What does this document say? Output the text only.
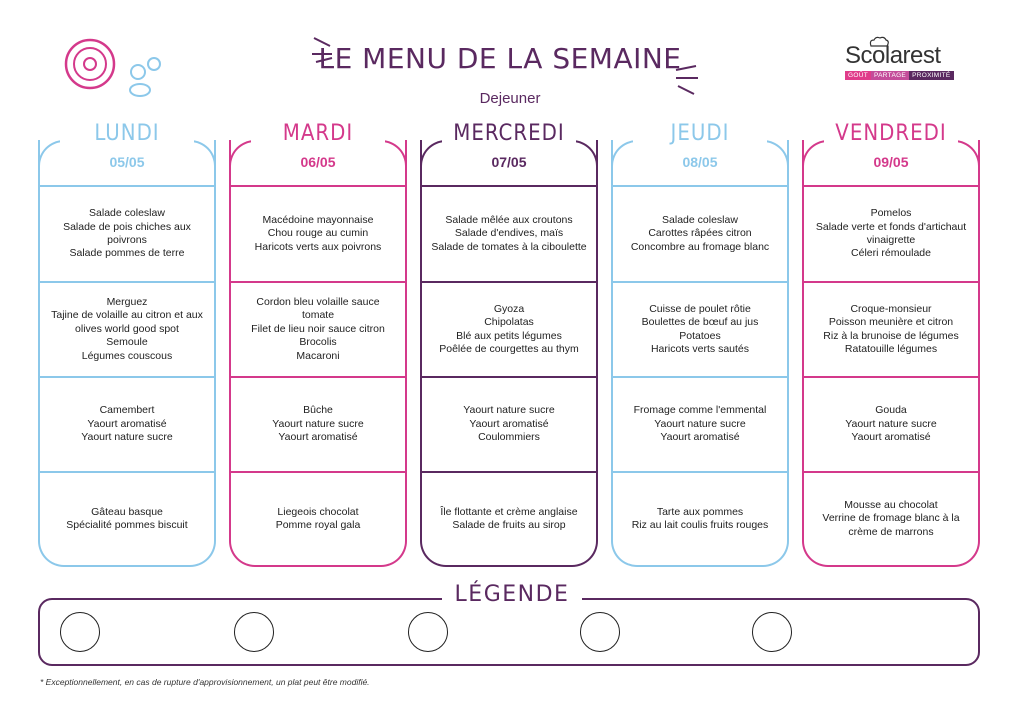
LE MENU DE LA SEMAINE
Dejeuner
Scolarest
GOÛT PARTAGE PROXIMITÉ
LUNDI
05/05
Salade coleslaw
Salade de pois chiches aux poivrons
Salade pommes de terre
Merguez
Tajine de volaille au citron et aux olives world good spot
Semoule
Légumes couscous
Camembert
Yaourt aromatisé
Yaourt nature sucre
Gâteau basque
Spécialité pommes biscuit
MARDI
06/05
Macédoine mayonnaise
Chou rouge au cumin
Haricots verts aux poivrons
Cordon bleu volaille sauce tomate
Filet de lieu noir sauce citron
Brocolis
Macaroni
Bûche
Yaourt nature sucre
Yaourt aromatisé
Liegeois chocolat
Pomme royal gala
MERCREDI
07/05
Salade mêlée aux croutons
Salade d'endives, maïs
Salade de tomates à la ciboulette
Gyoza
Chipolatas
Blé aux petits légumes
Poêlée de courgettes au thym
Yaourt nature sucre
Yaourt aromatisé
Coulommiers
Île flottante et crème anglaise
Salade de fruits au sirop
JEUDI
08/05
Salade coleslaw
Carottes râpées citron
Concombre au fromage blanc
Cuisse de poulet rôtie
Boulettes de bœuf au jus
Potatoes
Haricots verts sautés
Fromage comme l'emmental
Yaourt nature sucre
Yaourt aromatisé
Tarte aux pommes
Riz au lait coulis fruits rouges
VENDREDI
09/05
Pomelos
Salade verte et fonds d'artichaut vinaigrette
Céleri rémoulade
Croque-monsieur
Poisson meunière et citron
Riz à la brunoise de légumes
Ratatouille légumes
Gouda
Yaourt nature sucre
Yaourt aromatisé
Mousse au chocolat
Verrine de fromage blanc à la crème de marrons
LÉGENDE
* Exceptionnellement, en cas de rupture d'approvisionnement, un plat peut être modifié.
